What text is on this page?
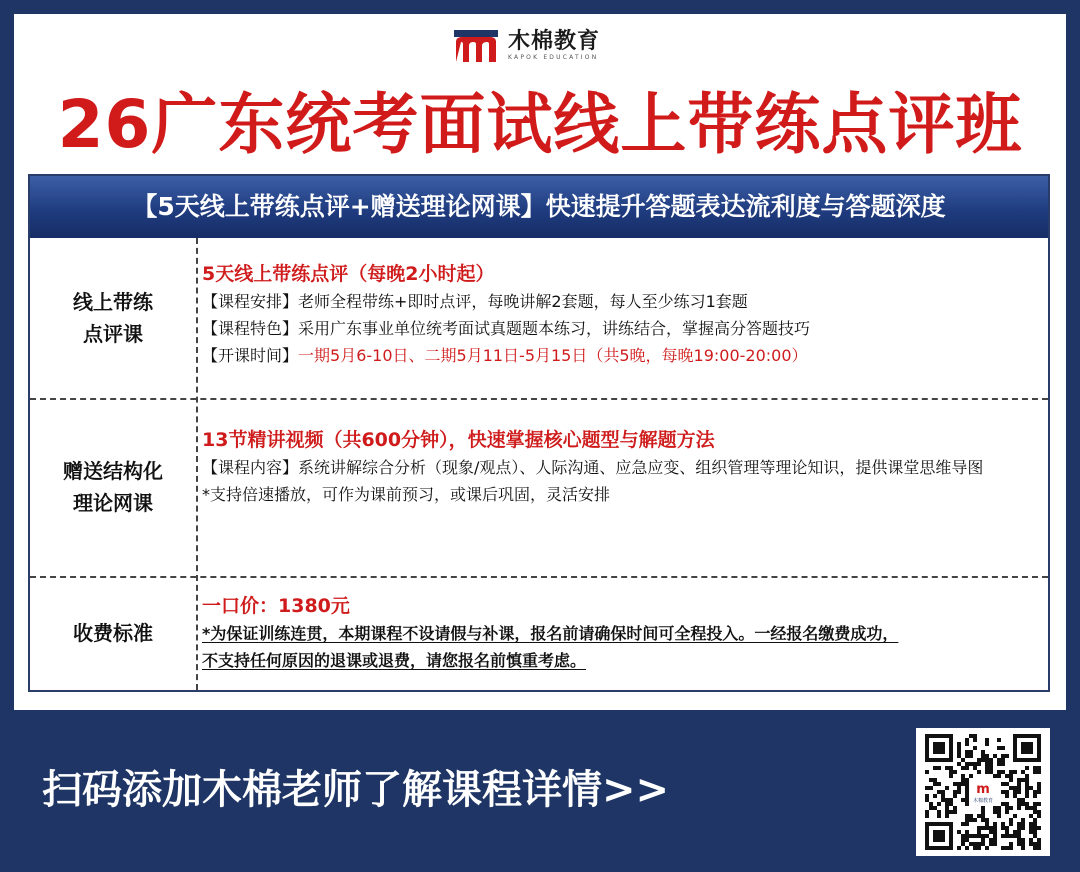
木棉教育
KAPOK EDUCATION
26广东统考面试线上带练点评班
【5天线上带练点评+赠送理论网课】快速提升答题表达流利度与答题深度
线上带练
点评课
5天线上带练点评（每晚2小时起）
【课程安排】老师全程带练+即时点评，每晚讲解2套题，每人至少练习1套题
【课程特色】采用广东事业单位统考面试真题题本练习，讲练结合，掌握高分答题技巧
【开课时间】一期5月6-10日、二期5月11日-5月15日（共5晚，每晚19:00-20:00）
赠送结构化
理论网课
13节精讲视频（共600分钟），快速掌握核心题型与解题方法
【课程内容】系统讲解综合分析（现象/观点）、人际沟通、应急应变、组织管理等理论知识，提供课堂思维导图
*支持倍速播放，可作为课前预习，或课后巩固，灵活安排
收费标准
一口价：1380元
*为保证训练连贯，本期课程不设请假与补课，报名前请确保时间可全程投入。一经报名缴费成功，
不支持任何原因的退课或退费，请您报名前慎重考虑。
扫码添加木棉老师了解课程详情>>	m
木棉教育
